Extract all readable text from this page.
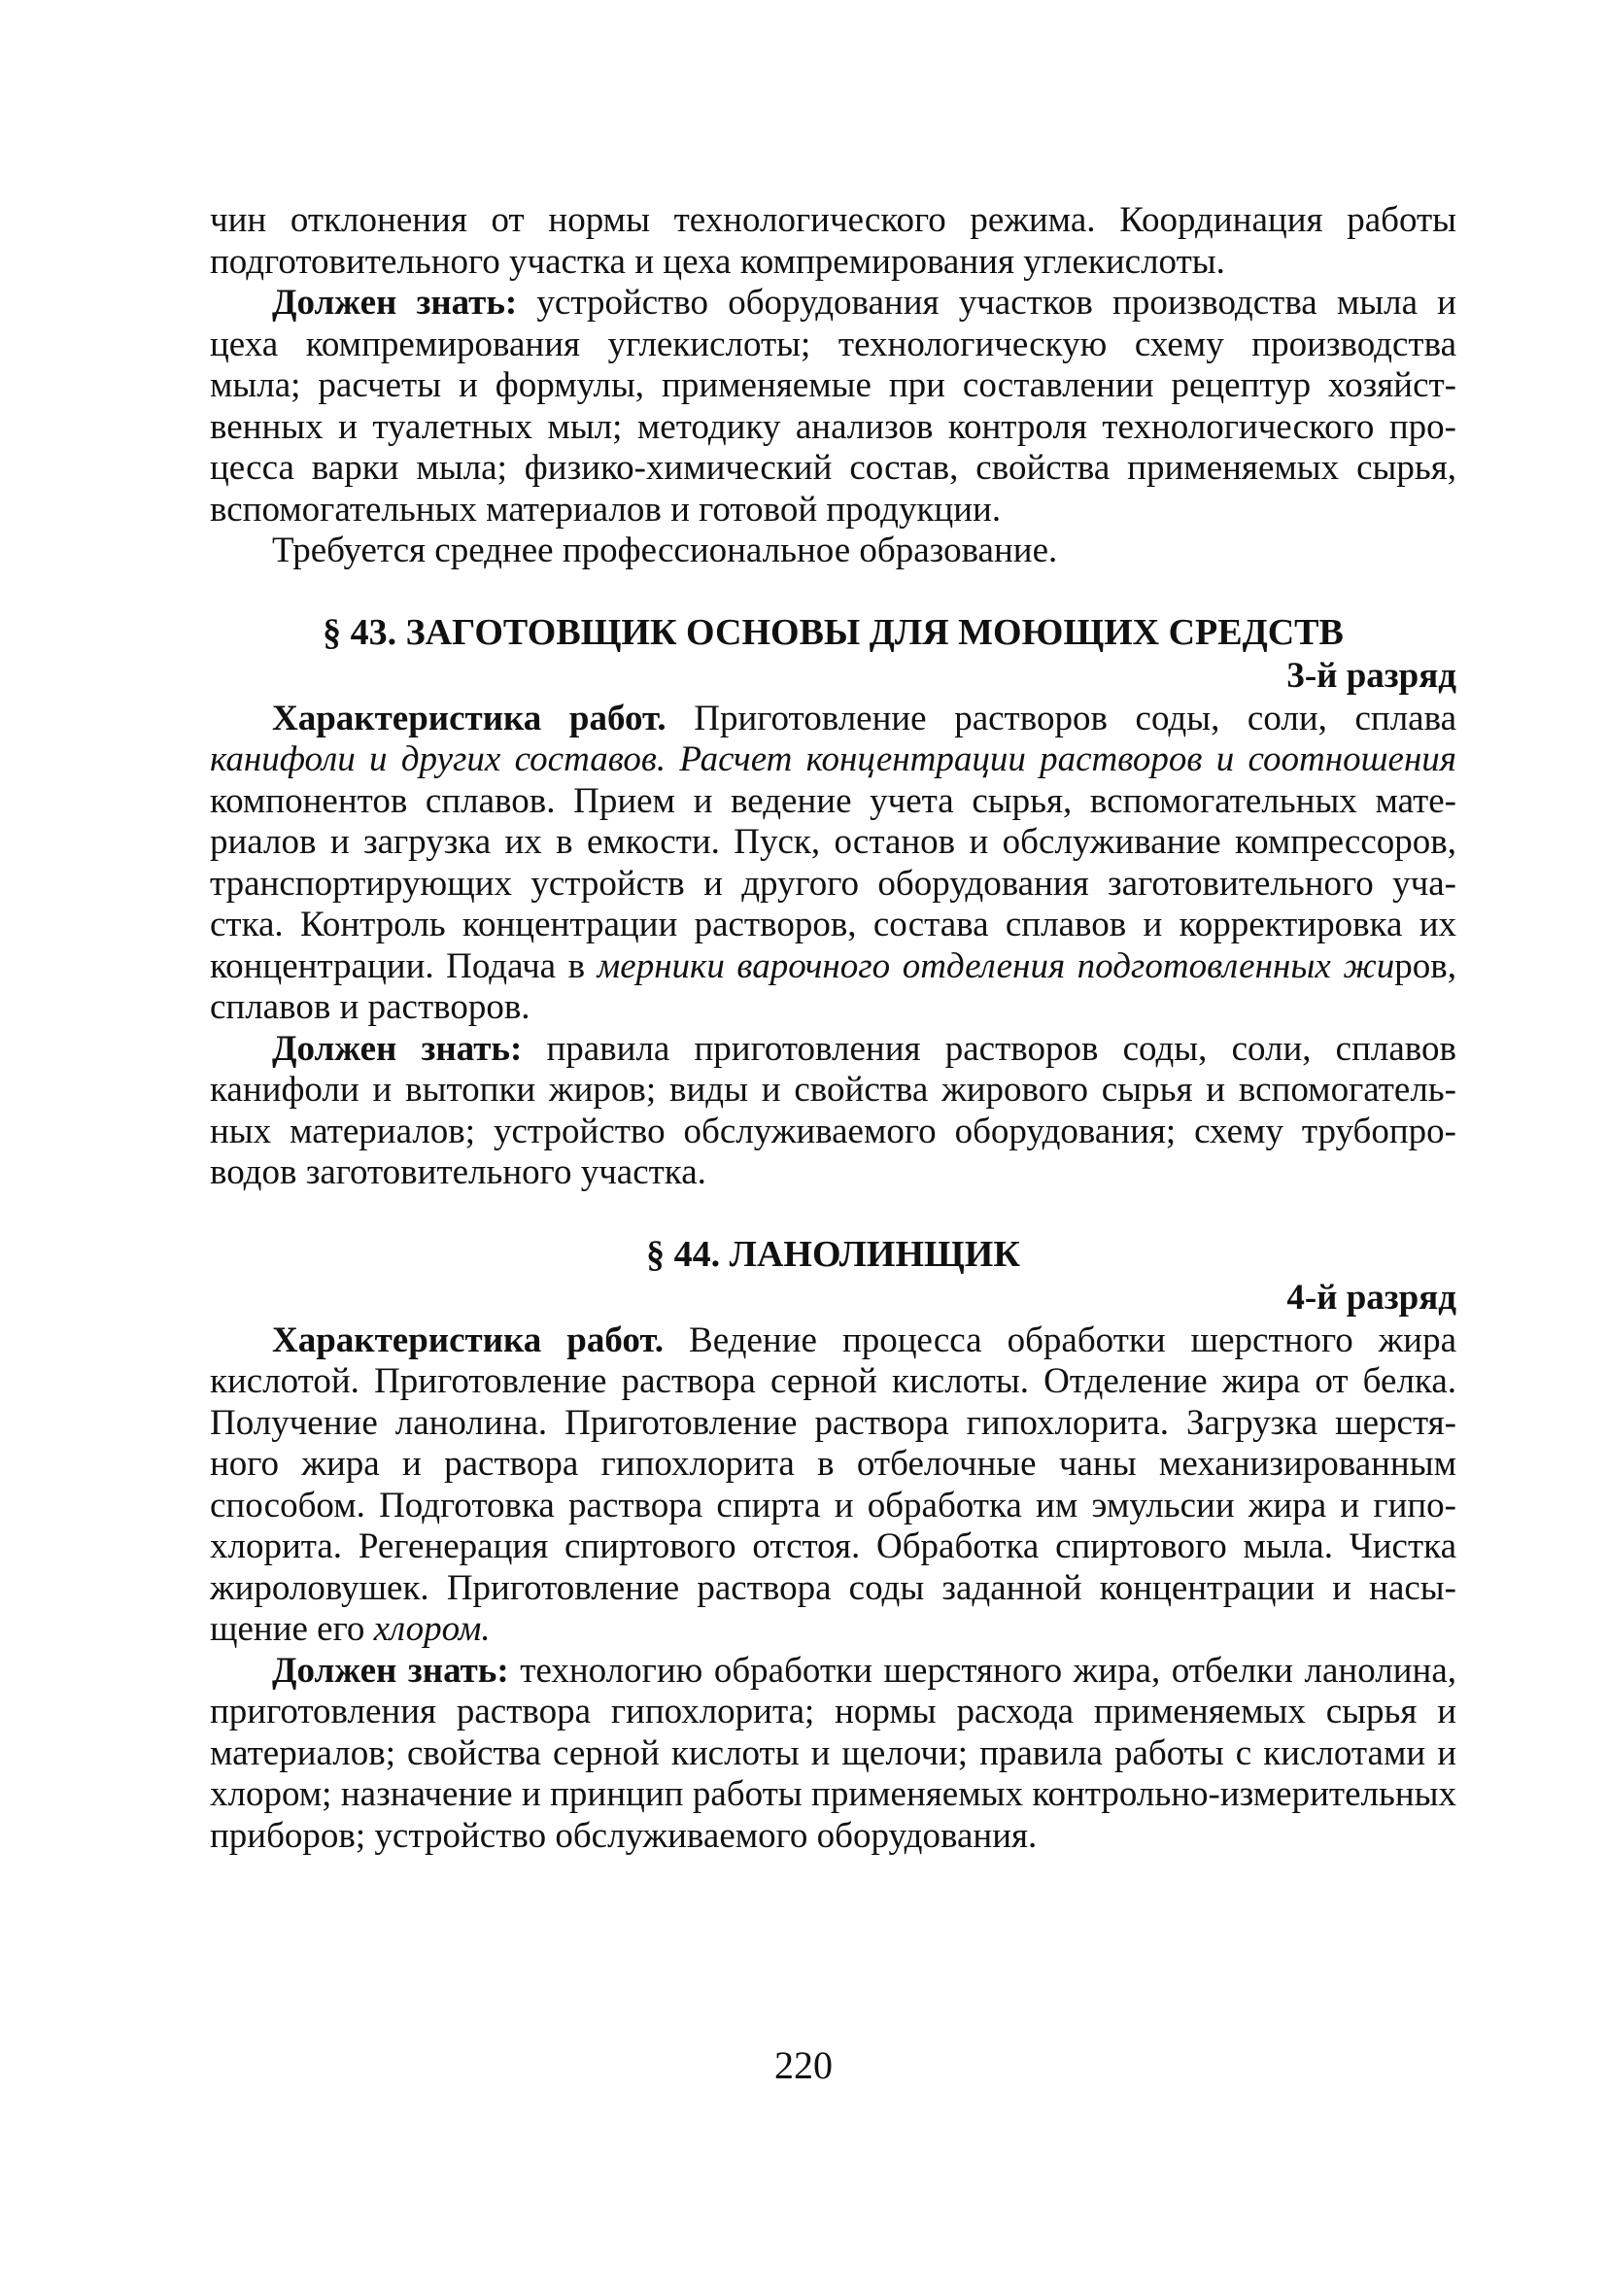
чин отклонения от нормы технологического режима. Координация работы подготовительного участка и цеха компремирования углекислоты.

Должен знать: устройство оборудования участков производства мыла и цеха компремирования углекислоты; технологическую схему производства мыла; расчеты и формулы, применяемые при составлении рецептур хозяйственных и туалетных мыл; методику анализов контроля технологического процесса варки мыла; физико-химический состав, свойства применяемых сырья, вспомогательных материалов и готовой продукции.

Требуется среднее профессиональное образование.

§ 43. ЗАГОТОВЩИК ОСНОВЫ ДЛЯ МОЮЩИХ СРЕДСТВ
3-й разряд

Характеристика работ. Приготовление растворов соды, соли, сплава канифоли и других составов. Расчет концентрации растворов и соотношения компонентов сплавов. Прием и ведение учета сырья, вспомогательных материалов и загрузка их в емкости. Пуск, останов и обслуживание компрессоров, транспортирующих устройств и другого оборудования заготовительного участка. Контроль концентрации растворов, состава сплавов и корректировка их концентрации. Подача в мерники варочного отделения подготовленных жиров, сплавов и растворов.

Должен знать: правила приготовления растворов соды, соли, сплавов канифоли и вытопки жиров; виды и свойства жирового сырья и вспомогательных материалов; устройство обслуживаемого оборудования; схему трубопроводов заготовительного участка.

§ 44. ЛАНОЛИНЩИК
4-й разряд

Характеристика работ. Ведение процесса обработки шерстного жира кислотой. Приготовление раствора серной кислоты. Отделение жира от белка. Получение ланолина. Приготовление раствора гипохлорита. Загрузка шерстяного жира и раствора гипохлорита в отбелочные чаны механизированным способом. Подготовка раствора спирта и обработка им эмульсии жира и гипохлорита. Регенерация спиртового отстоя. Обработка спиртового мыла. Чистка жироловушек. Приготовление раствора соды заданной концентрации и насыщение его хлором.

Должен знать: технологию обработки шерстяного жира, отбелки ланолина, приготовления раствора гипохлорита; нормы расхода применяемых сырья и материалов; свойства серной кислоты и щелочи; правила работы с кислотами и хлором; назначение и принцип работы применяемых контрольно-измерительных приборов; устройство обслуживаемого оборудования.

220
